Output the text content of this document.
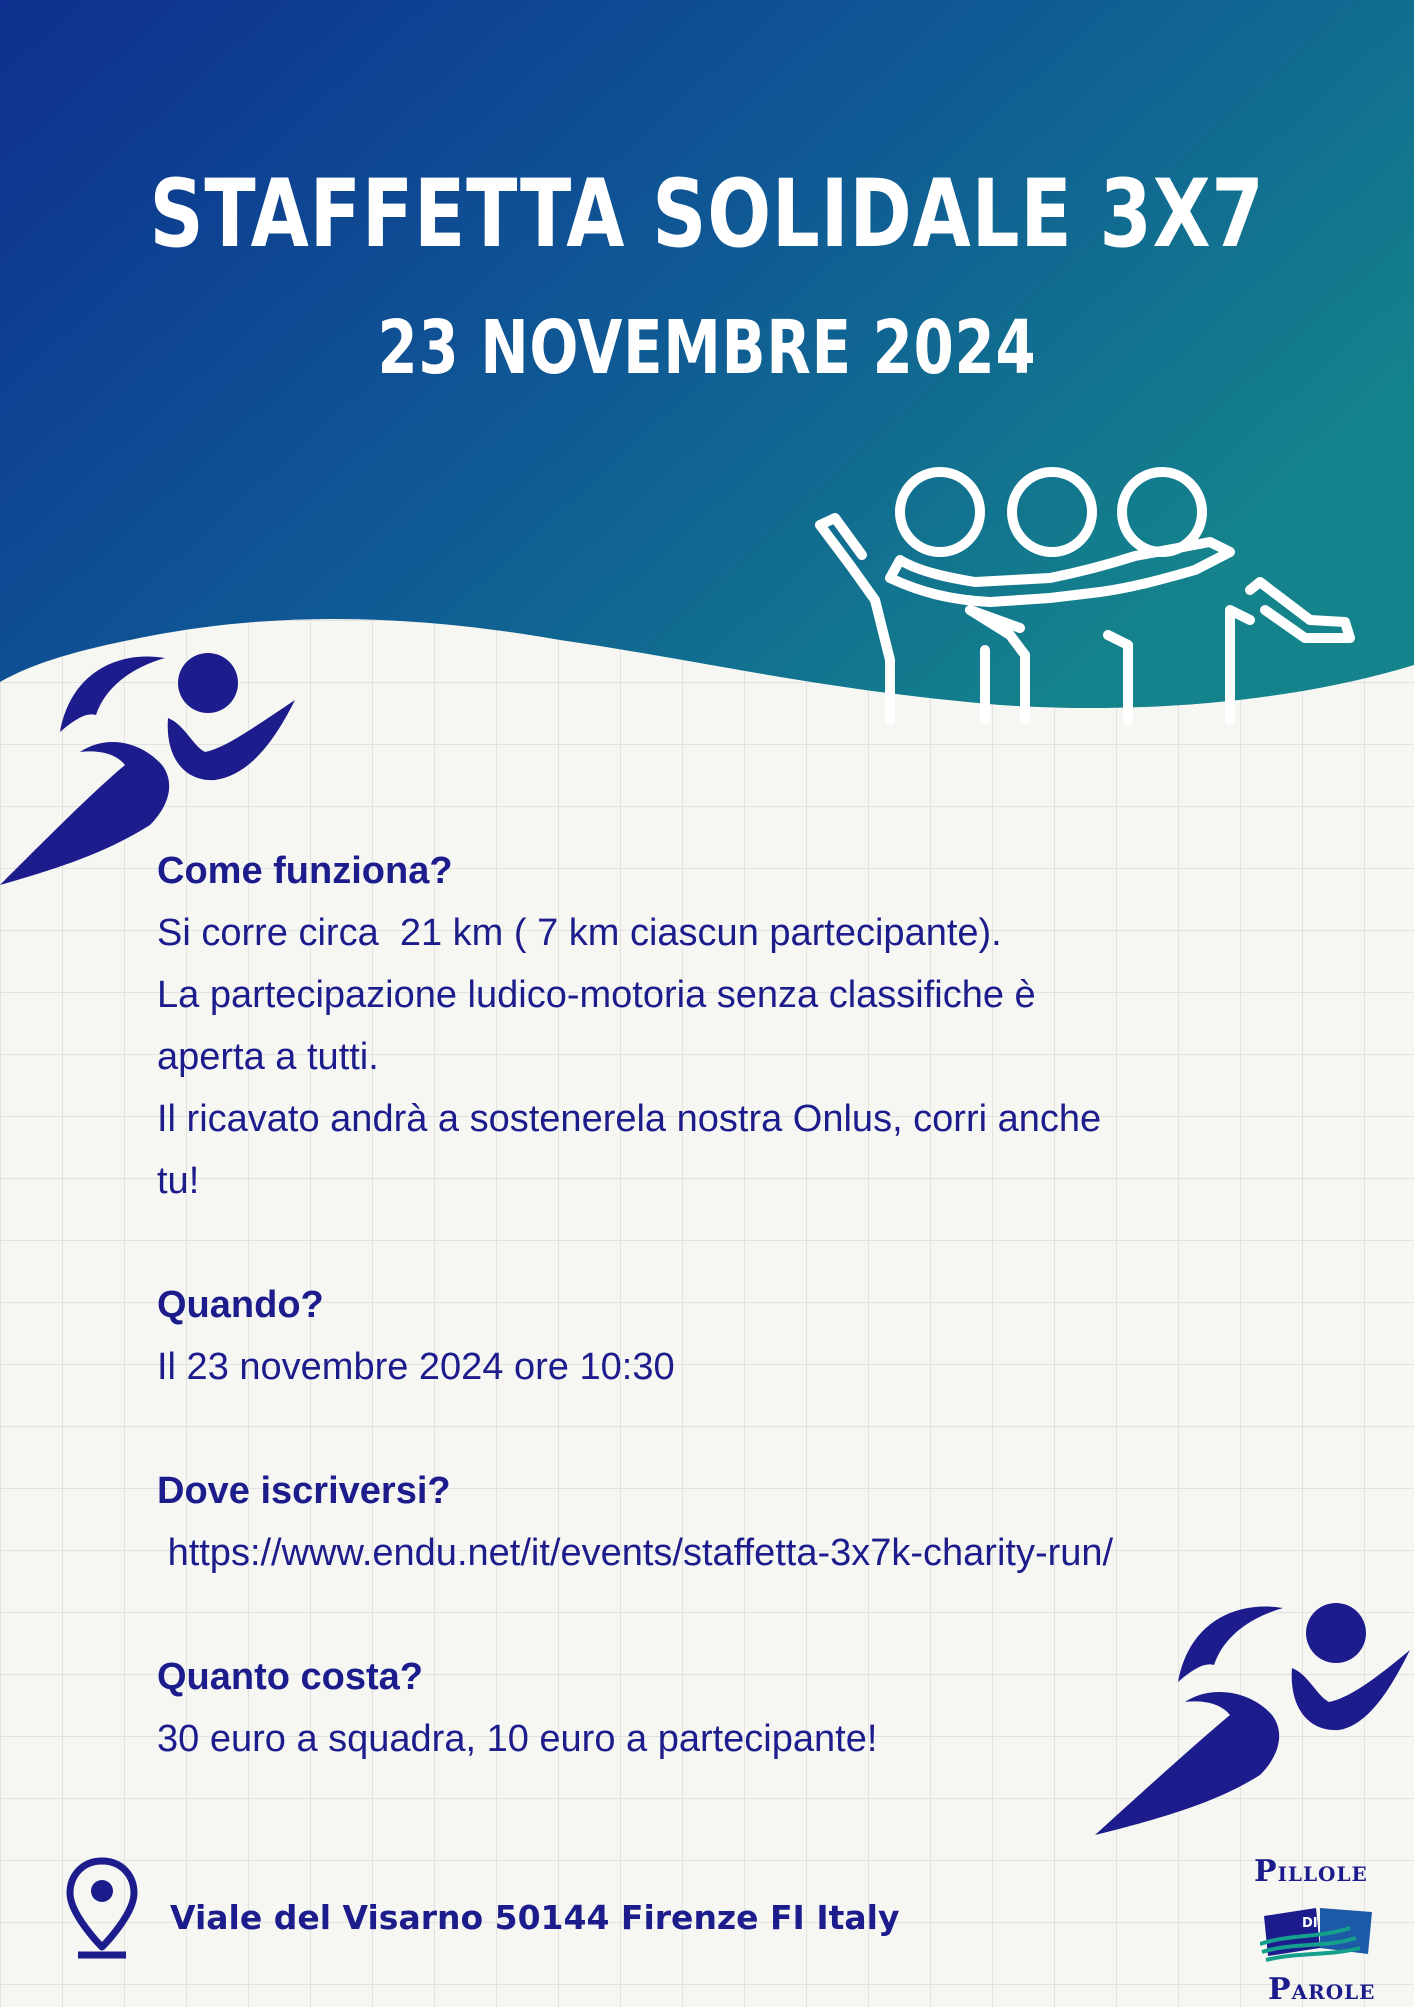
STAFFETTA SOLIDALE 3X7
23 NOVEMBRE 2024

Come funziona?

Si corre circa  21 km ( 7 km ciascun partecipante).

La partecipazione ludico-motoria senza classifiche è

aperta a tutti.

Il ricavato andrà a sostenerela nostra Onlus, corri anche

tu!

Quando?

Il 23 novembre 2024 ore 10:30

Dove iscriversi?

https://www.endu.net/it/events/staffetta-3x7k-charity-run/

Quanto costa?

30 euro a squadra, 10 euro a partecipante!

Viale del Visarno 50144 Firenze FI Italy
PILLOLE
DI
PAROLE
